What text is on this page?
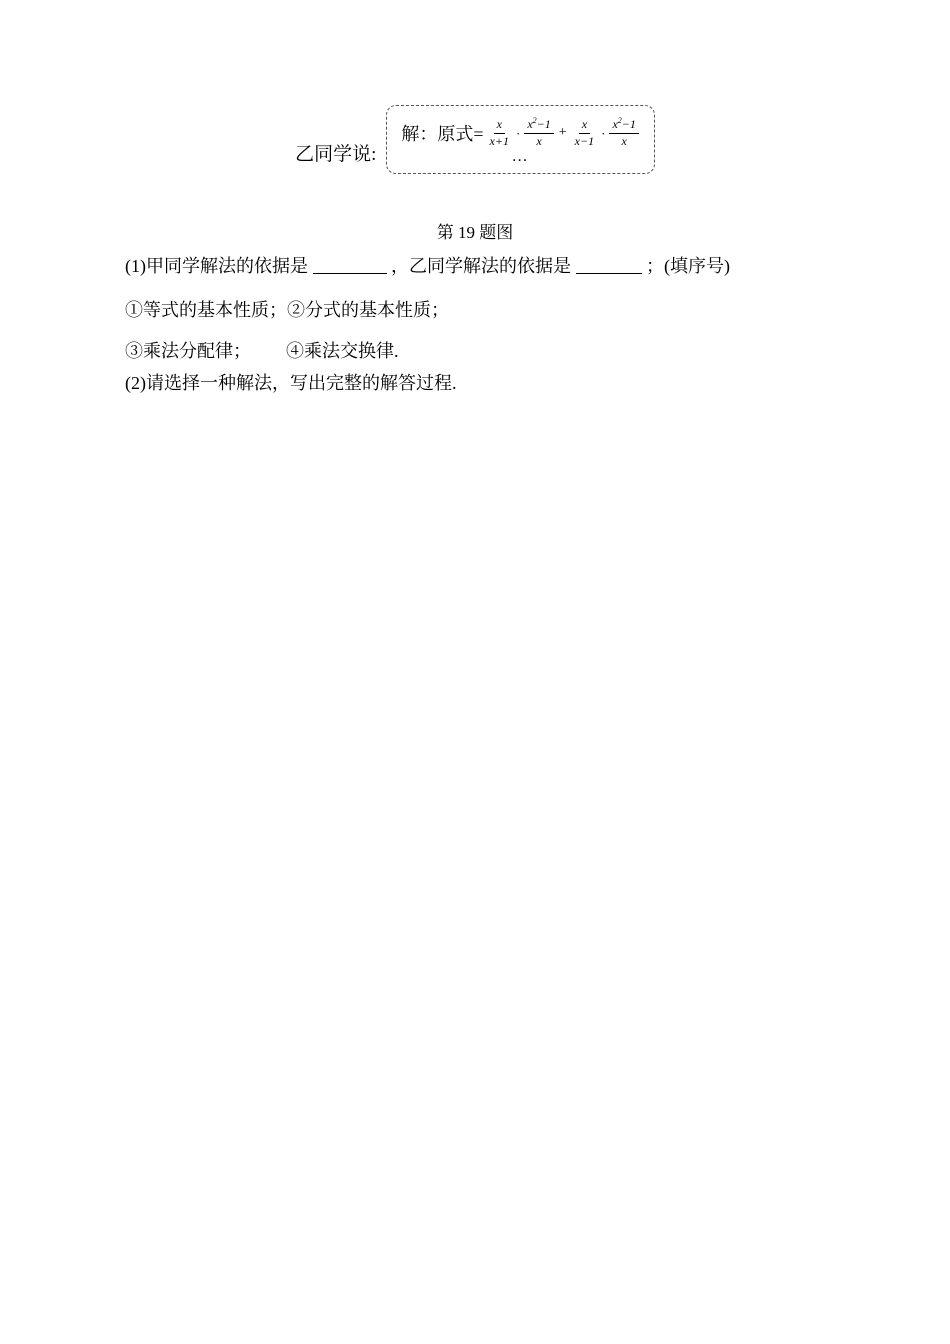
乙同学说:
解：原式= $\frac{x}{x+1} \cdot \frac{x^2-1}{x} + \frac{x}{x-1} \cdot \frac{x^2-1}{x}$
…
第 19 题图
(1)甲同学解法的依据是	，乙同学解法的依据是	；(填序号)
①等式的基本性质；②分式的基本性质；
③乘法分配律； ④乘法交换律.
(2)请选择一种解法，写出完整的解答过程.
